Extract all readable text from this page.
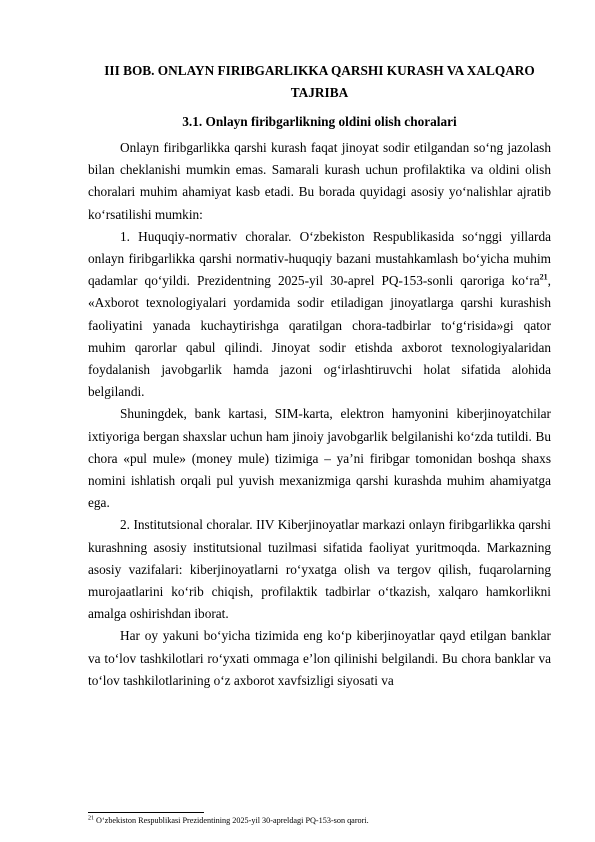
III BOB. ONLAYN FIRIBGARLIKKA QARSHI KURASH VA XALQARO TAJRIBA
3.1. Onlayn firibgarlikning oldini olish choralari

Onlayn firibgarlikka qarshi kurash faqat jinoyat sodir etilgandan so‘ng jazolash bilan cheklanishi mumkin emas. Samarali kurash uchun profilaktika va oldini olish choralari muhim ahamiyat kasb etadi. Bu borada quyidagi asosiy yo‘nalishlar ajratib ko‘rsatilishi mumkin:

1. Huquqiy-normativ choralar. O‘zbekiston Respublikasida so‘nggi yillarda onlayn firibgarlikka qarshi normativ-huquqiy bazani mustahkamlash bo‘yicha muhim qadamlar qo‘yildi. Prezidentning 2025-yil 30-aprel PQ-153-sonli qaroriga $ko‘ra^{21}$, «Axborot texnologiyalari yordamida sodir etiladigan jinoyatlarga qarshi kurashish faoliyatini yanada kuchaytirishga qaratilgan chora-tadbirlar to‘g‘risida»gi qator muhim qarorlar qabul qilindi. Jinoyat sodir etishda axborot texnologiyalaridan foydalanish javobgarlik hamda jazoni og‘irlashtiruvchi holat sifatida alohida belgilandi.

Shuningdek, bank kartasi, SIM-karta, elektron hamyonini kiberjinoyatchilar ixtiyoriga bergan shaxslar uchun ham jinoiy javobgarlik belgilanishi ko‘zda tutildi. Bu chora «pul mule» (money mule) tizimiga – ya’ni firibgar tomonidan boshqa shaxs nomini ishlatish orqali pul yuvish mexanizmiga qarshi kurashda muhim ahamiyatga ega.

2. Institutsional choralar. IIV Kiberjinoyatlar markazi onlayn firibgarlikka qarshi kurashning asosiy institutsional tuzilmasi sifatida faoliyat yuritmoqda. Markazning asosiy vazifalari: kiberjinoyatlarni ro‘yxatga olish va tergov qilish, fuqarolarning murojaatlarini ko‘rib chiqish, profilaktik tadbirlar o‘tkazish, xalqaro hamkorlikni amalga oshirishdan iborat.

Har oy yakuni bo‘yicha tizimida eng ko‘p kiberjinoyatlar qayd etilgan banklar va to‘lov tashkilotlari ro‘yxati ommaga e’lon qilinishi belgilandi. Bu chora banklar va to‘lov tashkilotlarining o‘z axborot xavfsizligi siyosati va

$^{21}$ O‘zbekiston Respublikasi Prezidentining 2025-yil 30-apreldagi PQ-153-son qarori.
